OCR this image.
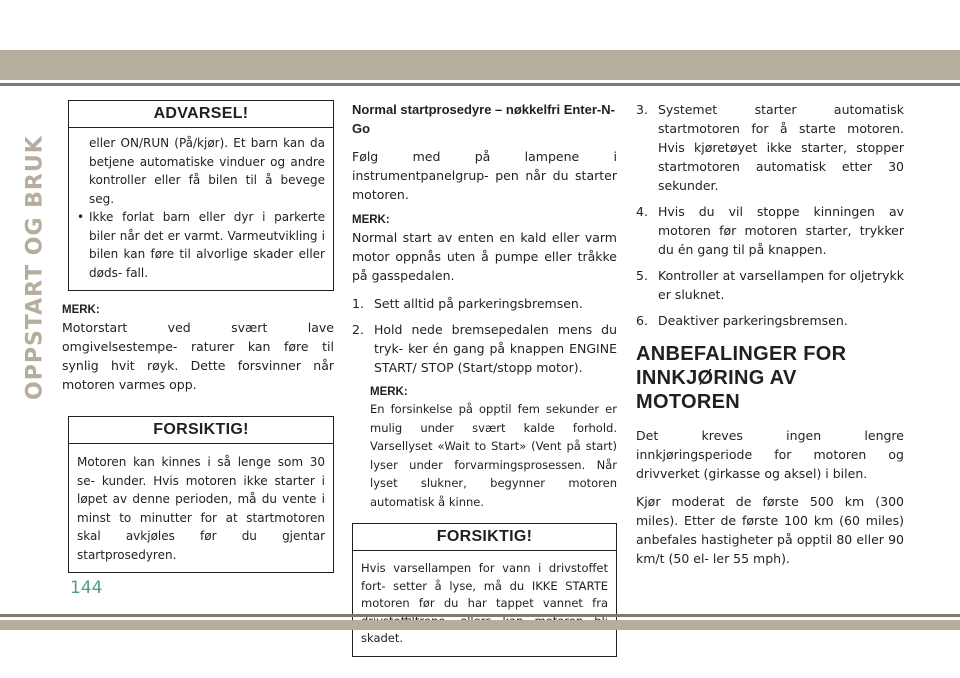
OPPSTART OG BRUK
ADVARSEL!

eller ON/RUN (På/kjør). Et barn kan da betjene automatiske vinduer og andre kontroller eller få bilen til å bevege seg.

• Ikke forlat barn eller dyr i parkerte biler når det er varmt. Varmeutvikling i bilen kan føre til alvorlige skader eller døds- fall.
MERK:

Motorstart ved svært lave omgivelsestempe- raturer kan føre til synlig hvit røyk. Dette forsvinner når motoren varmes opp.

FORSIKTIG!
Motoren kan kinnes i så lenge som 30 se- kunder. Hvis motoren ikke starter i løpet av denne perioden, må du vente i minst to minutter for at startmotoren skal avkjøles før du gjentar startprosedyren.
Normal startprosedyre – nøkkelfri Enter-N-Go

Følg med på lampene i instrumentpanelgrup- pen når du starter motoren.

MERK:

Normal start av enten en kald eller varm motor oppnås uten å pumpe eller tråkke på gasspedalen.

1. Sett alltid på parkeringsbremsen.
2. Hold nede bremsepedalen mens du tryk- ker én gang på knappen ENGINE START/ STOP (Start/stopp motor).
MERK:

En forsinkelse på opptil fem sekunder er mulig under svært kalde forhold. Varsellyset «Wait to Start» (Vent på start) lyser under forvarmingsprosessen. Når lyset slukner, begynner motoren automatisk å kinne.

FORSIKTIG!
Hvis varsellampen for vann i drivstoffet fort- setter å lyse, må du IKKE STARTE motoren før du har tappet vannet fra skadet.
3. Systemet starter automatisk startmotoren for å starte motoren. Hvis kjøretøyet ikke starter, stopper startmotoren automatisk etter 30 sekunder.
4. Hvis du vil stoppe kinningen av motoren før motoren starter, trykker du én gang til på knappen.
5. Kontroller at varsellampen for oljetrykk er sluknet.
6. Deaktiver parkeringsbremsen.
ANBEFALINGER FOR INNKJØRING AV MOTOREN

Det kreves ingen lengre innkjøringsperiode for motoren og drivverket (girkasse og aksel) i bilen.

Kjør moderat de første 500 km (300 miles). Etter de første 100 km (60 miles) anbefales hastigheter på opptil 80 eller 90 km/t (50 el- ler 55 mph).

144
